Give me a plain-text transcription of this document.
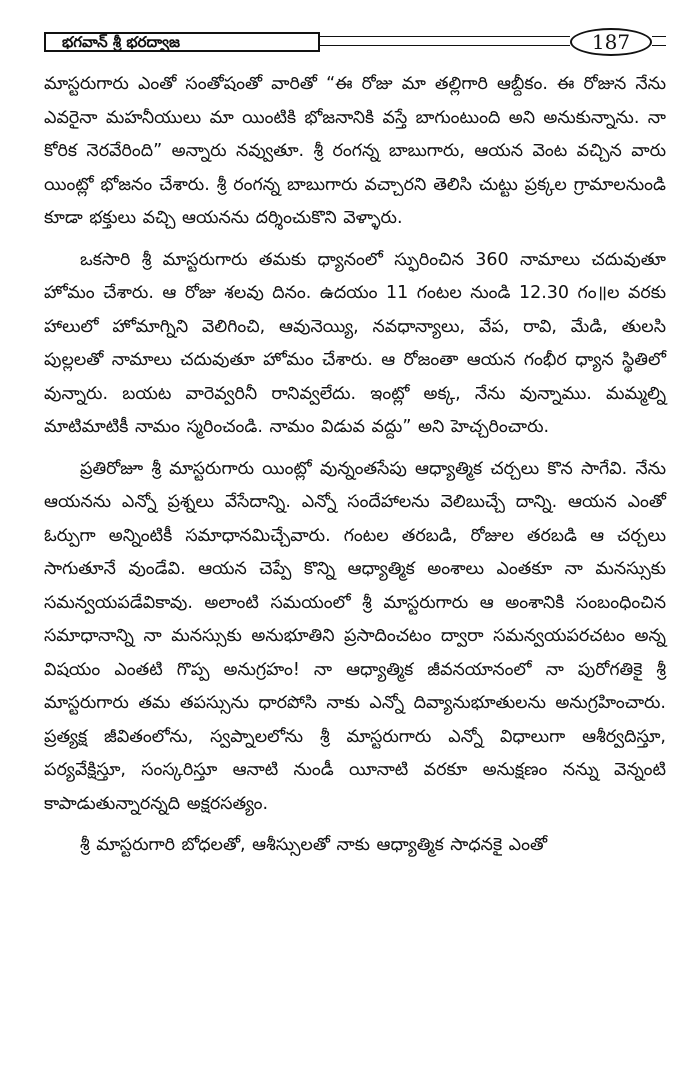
భగవాన్ శ్రీ భరద్వాజ	187

మాస్టరుగారు ఎంతో సంతోషంతో వారితో “ఈ రోజు మా తల్లిగారి ఆబ్దీకం. ఈ రోజున నేను ఎవరైనా మహనీయులు మా యింటికి భోజనానికి వస్తే బాగుంటుంది అని అనుకున్నాను. నా కోరిక నెరవేరింది” అన్నారు నవ్వుతూ. శ్రీ రంగన్న బాబుగారు, ఆయన వెంట వచ్చిన వారు యింట్లో భోజనం చేశారు. శ్రీ రంగన్న బాబుగారు వచ్చారని తెలిసి చుట్టు ప్రక్కల గ్రామాలనుండి కూడా భక్తులు వచ్చి ఆయనను దర్శించుకొని వెళ్ళారు.

ఒకసారి శ్రీ మాస్టరుగారు తమకు ధ్యానంలో స్ఫురించిన 360 నామాలు చదువుతూ హోమం చేశారు. ఆ రోజు శలవు దినం. ఉదయం 11 గంటల నుండి 12.30 గం॥ల వరకు హాలులో హోమాగ్నిని వెలిగించి, ఆవునెయ్యి, నవధాన్యాలు, వేప, రావి, మేడి, తులసి పుల్లలతో నామాలు చదువుతూ హోమం చేశారు. ఆ రోజంతా ఆయన గంభీర ధ్యాన స్థితిలో వున్నారు. బయట వారెవ్వరినీ రానివ్వలేదు. ఇంట్లో అక్క, నేను వున్నాము. మమ్మల్ని మాటిమాటికీ నామం స్మరించండి. నామం విడువ వద్దు” అని హెచ్చరించారు.

ప్రతిరోజూ శ్రీ మాస్టరుగారు యింట్లో వున్నంతసేపు ఆధ్యాత్మిక చర్చలు కొన సాగేవి. నేను ఆయనను ఎన్నో ప్రశ్నలు వేసేదాన్ని. ఎన్నో సందేహాలను వెలిబుచ్చే దాన్ని. ఆయన ఎంతో ఓర్పుగా అన్నింటికీ సమాధానమిచ్చేవారు. గంటల తరబడి, రోజుల తరబడి ఆ చర్చలు సాగుతూనే వుండేవి. ఆయన చెప్పే కొన్ని ఆధ్యాత్మిక అంశాలు ఎంతకూ నా మనస్సుకు సమన్వయపడేవికావు. అలాంటి సమయంలో శ్రీ మాస్టరుగారు ఆ అంశానికి సంబంధించిన సమాధానాన్ని నా మనస్సుకు అనుభూతిని ప్రసాదించటం ద్వారా సమన్వయపరచటం అన్న విషయం ఎంతటి గొప్ప అనుగ్రహం! నా ఆధ్యాత్మిక జీవనయానంలో నా పురోగతికై శ్రీ మాస్టరుగారు తమ తపస్సును ధారపోసి నాకు ఎన్నో దివ్యానుభూతులను అనుగ్రహించారు. ప్రత్యక్ష జీవితంలోను, స్వప్నాలలోను శ్రీ మాస్టరుగారు ఎన్నో విధాలుగా ఆశీర్వదిస్తూ, పర్యవేక్షిస్తూ, సంస్కరిస్తూ ఆనాటి నుండీ యీనాటి వరకూ అనుక్షణం నన్ను వెన్నంటి కాపాడుతున్నారన్నది అక్షరసత్యం.

శ్రీ మాస్టరుగారి బోధలతో, ఆశీస్సులతో నాకు ఆధ్యాత్మిక సాధనకై ఎంతో
